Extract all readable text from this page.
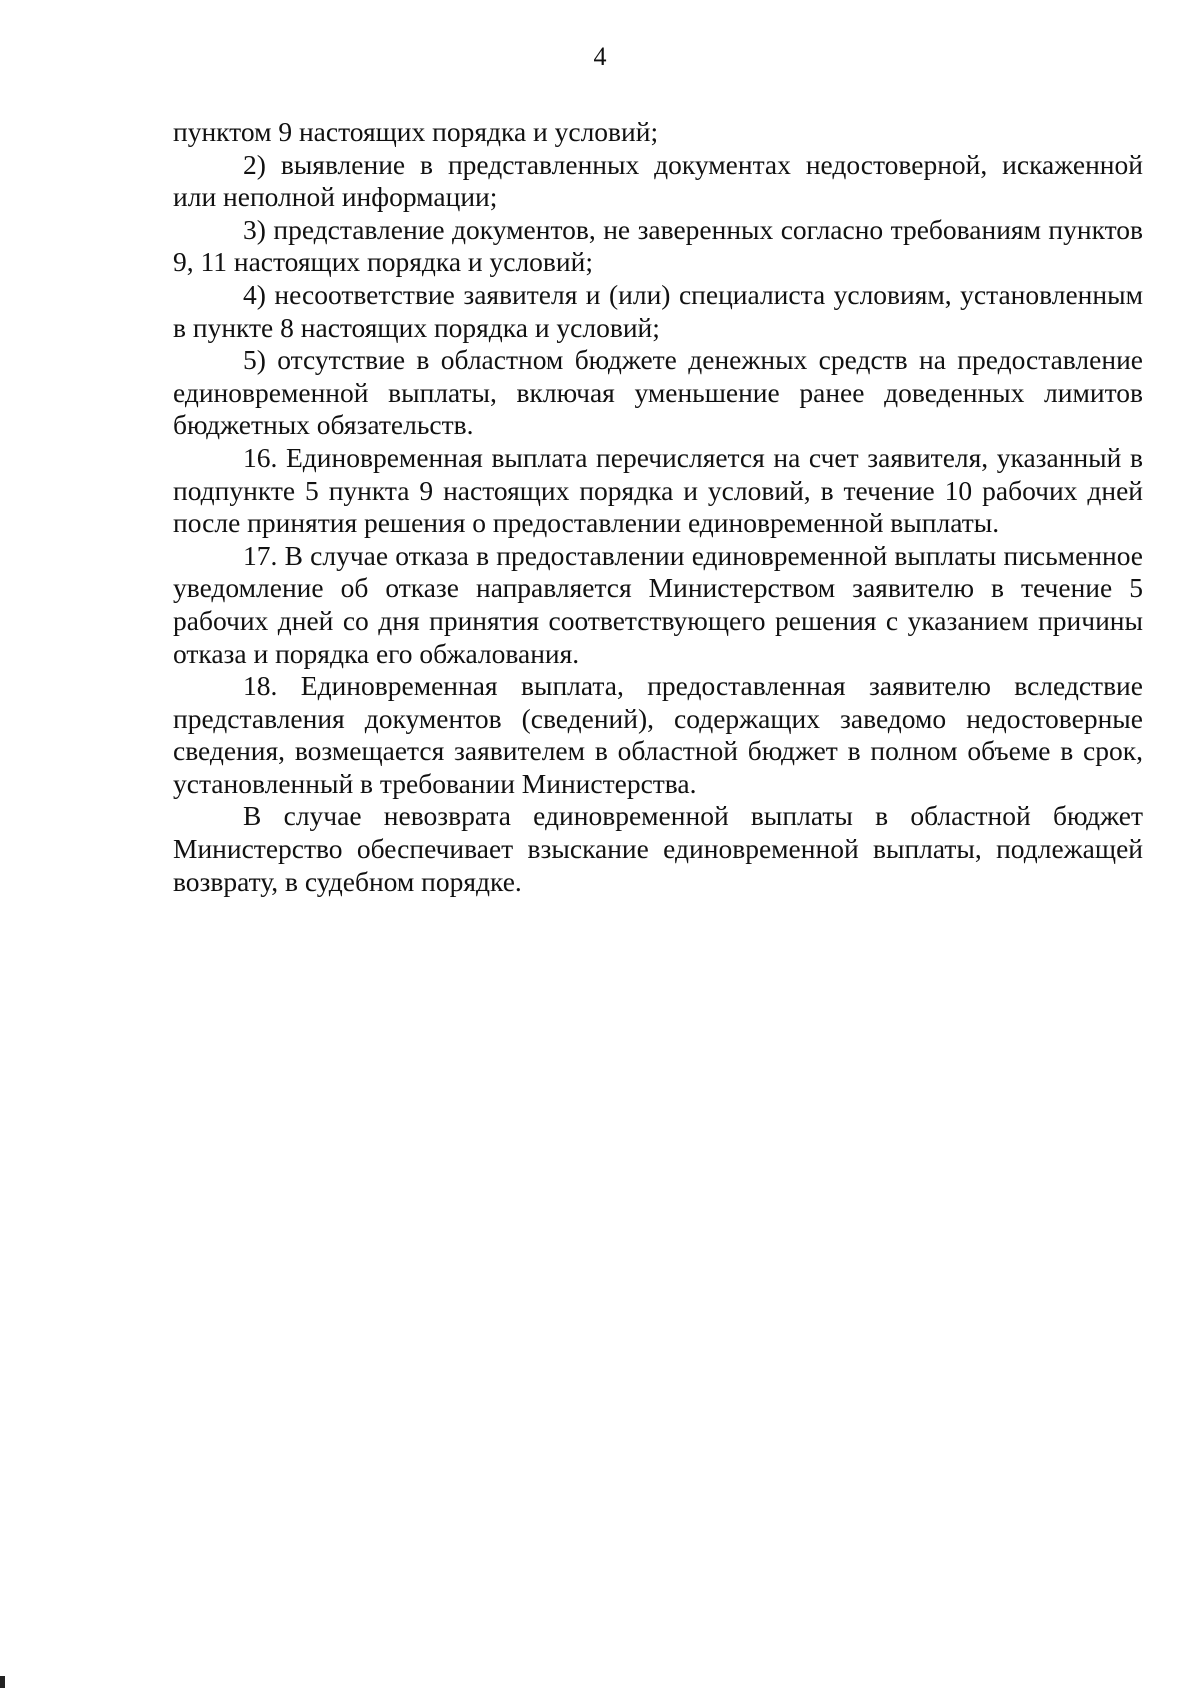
4

пунктом 9 настоящих порядка и условий;

2) выявление в представленных документах недостоверной, искаженной или неполной информации;

3) представление документов, не заверенных согласно требованиям пунктов 9, 11 настоящих порядка и условий;

4) несоответствие заявителя и (или) специалиста условиям, установленным в пункте 8 настоящих порядка и условий;

5) отсутствие в областном бюджете денежных средств на предоставление единовременной выплаты, включая уменьшение ранее доведенных лимитов бюджетных обязательств.

16. Единовременная выплата перечисляется на счет заявителя, указанный в подпункте 5 пункта 9 настоящих порядка и условий, в течение 10 рабочих дней после принятия решения о предоставлении единовременной выплаты.

17. В случае отказа в предоставлении единовременной выплаты письменное уведомление об отказе направляется Министерством заявителю в течение 5 рабочих дней со дня принятия соответствующего решения с указанием причины отказа и порядка его обжалования.

18. Единовременная выплата, предоставленная заявителю вследствие представления документов (сведений), содержащих заведомо недостоверные сведения, возмещается заявителем в областной бюджет в полном объеме в срок, установленный в требовании Министерства.

В случае невозврата единовременной выплаты в областной бюджет Министерство обеспечивает взыскание единовременной выплаты, подлежащей возврату, в судебном порядке.
